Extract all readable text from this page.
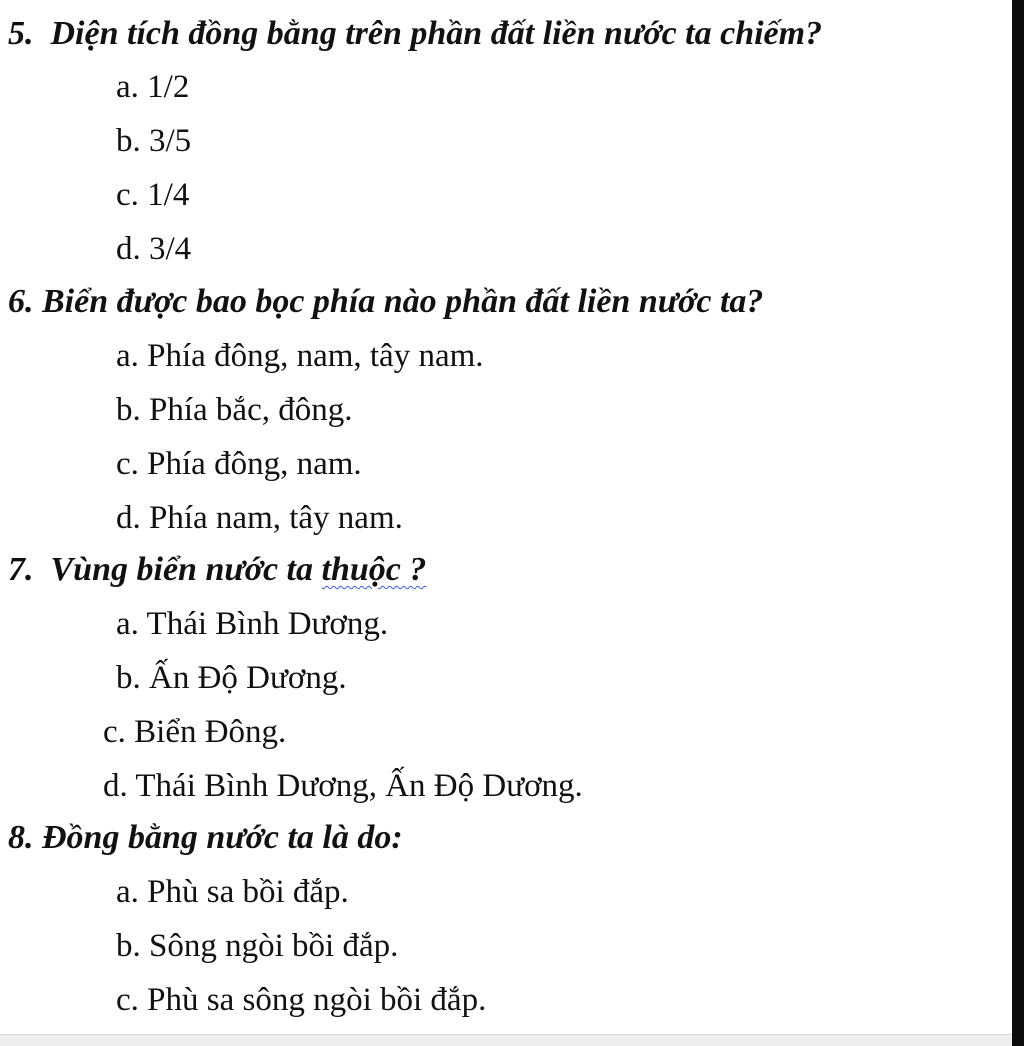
5. Diện tích đồng bằng trên phần đất liền nước ta chiếm?
a. 1/2
b. 3/5
c. 1/4
d. 3/4
6. Biển được bao bọc phía nào phần đất liền nước ta?
a. Phía đông, nam, tây nam.
b. Phía bắc, đông.
c. Phía đông, nam.
d. Phía nam, tây nam.
7. Vùng biển nước ta thuộc ?
a. Thái Bình Dương.
b. Ấn Độ Dương.
c. Biển Đông.
d. Thái Bình Dương, Ấn Độ Dương.
8. Đồng bằng nước ta là do:
a. Phù sa bồi đắp.
b. Sông ngòi bồi đắp.
c. Phù sa sông ngòi bồi đắp.
